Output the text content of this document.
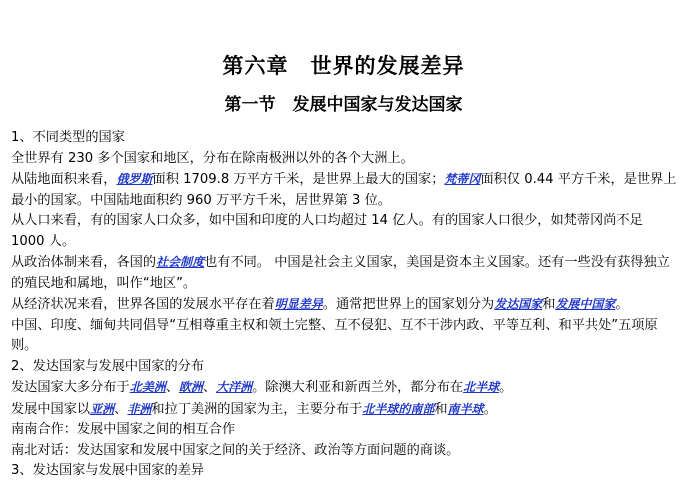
第六章　世界的发展差异
第一节　发展中国家与发达国家

1、不同类型的国家

全世界有 230 多个国家和地区，分布在除南极洲以外的各个大洲上。

从陆地面积来看，俄罗斯面积 1709.8 万平方千米，是世界上最大的国家；梵蒂冈面积仅 0.44 平方千米，是世界上最小的国家。中国陆地面积约 960 万平方千米，居世界第 3 位。

从人口来看，有的国家人口众多，如中国和印度的人口均超过 14 亿人。有的国家人口很少，如梵蒂冈尚不足 1000 人。

从政治体制来看，各国的社会制度也有不同。 中国是社会主义国家，美国是资本主义国家。还有一些没有获得独立的殖民地和属地，叫作“地区”。

从经济状况来看，世界各国的发展水平存在着明显差异。通常把世界上的国家划分为发达国家和发展中国家。

中国、印度、缅甸共同倡导“互相尊重主权和领土完整、互不侵犯、互不干涉内政、平等互利、和平共处”五项原则。

2、发达国家与发展中国家的分布

发达国家大多分布于北美洲、欧洲、大洋洲。除澳大利亚和新西兰外，都分布在北半球。

发展中国家以亚洲、非洲和拉丁美洲的国家为主，主要分布于北半球的南部和南半球。

南南合作：发展中国家之间的相互合作

南北对话：发达国家和发展中国家之间的关于经济、政治等方面问题的商谈。

3、发达国家与发展中国家的差异
